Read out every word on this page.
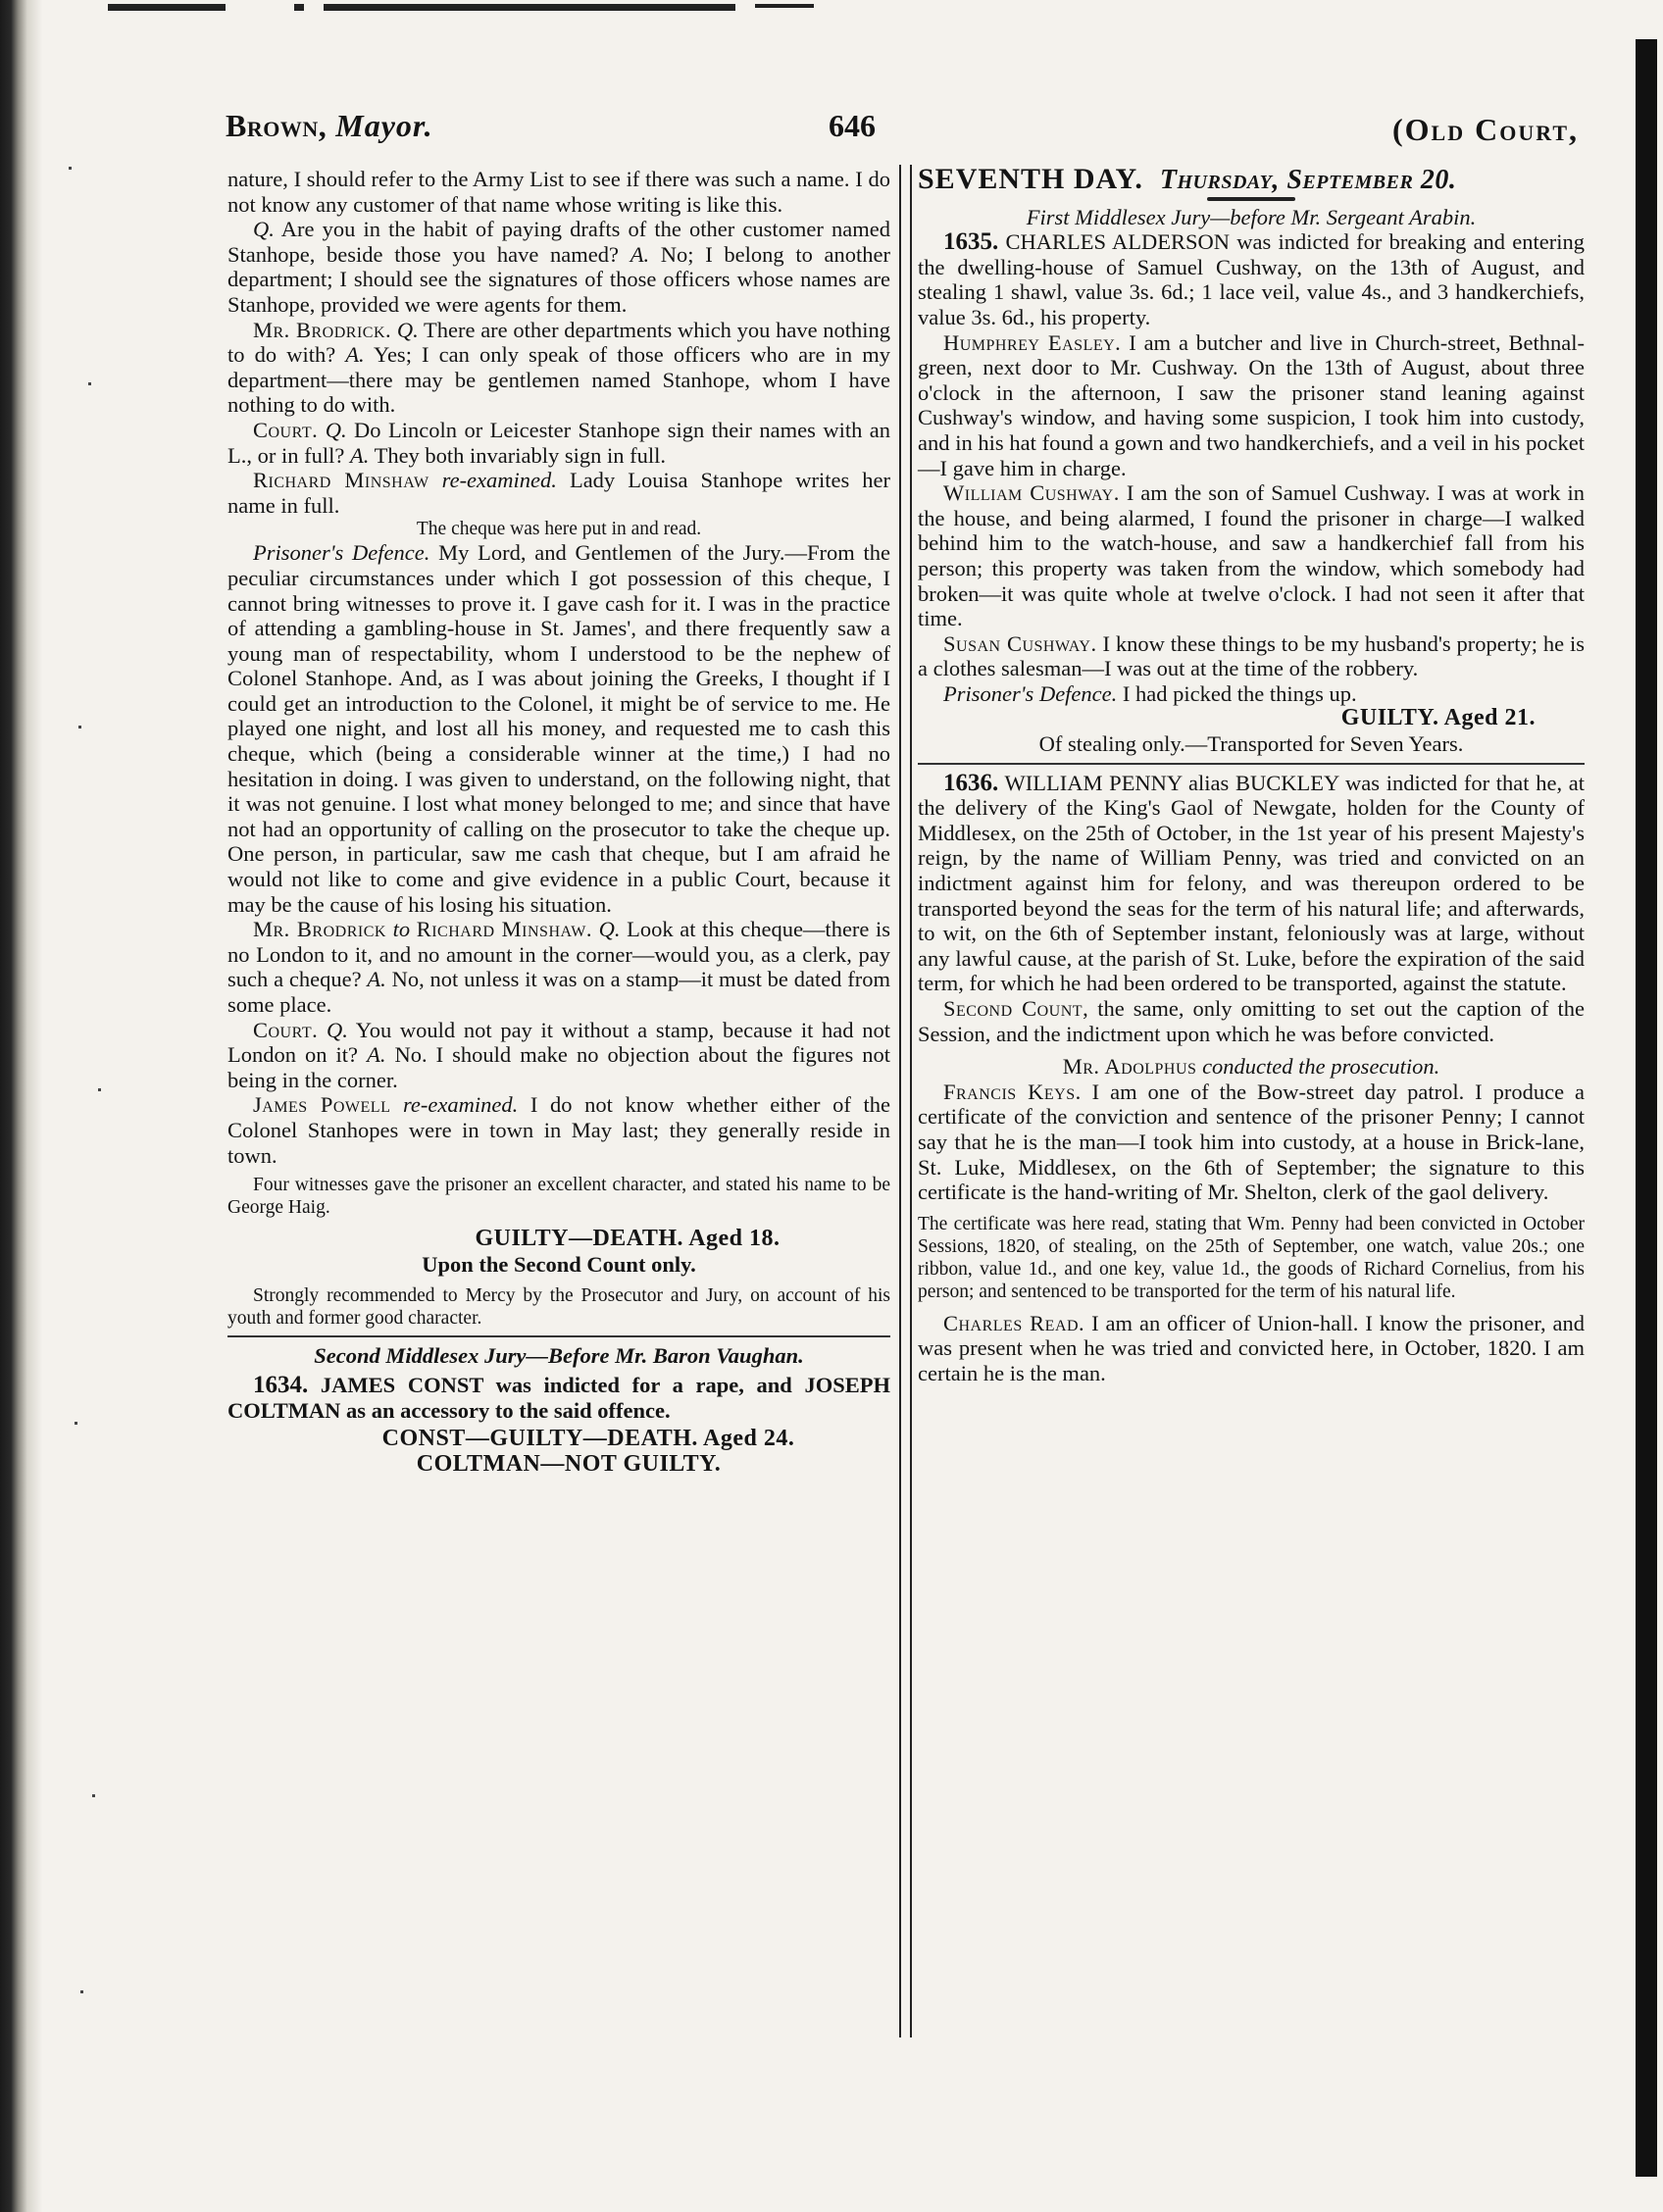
Brown, Mayor.	646	(Old Court,

nature, I should refer to the Army List to see if there was such a name. I do not know any customer of that name whose writing is like this.

Q. Are you in the habit of paying drafts of the other customer named Stanhope, beside those you have named? A. No; I belong to another department; I should see the signatures of those officers whose names are Stanhope, provided we were agents for them.

Mr. Brodrick. Q. There are other departments which you have nothing to do with? A. Yes; I can only speak of those officers who are in my department—there may be gentlemen named Stanhope, whom I have nothing to do with.

Court. Q. Do Lincoln or Leicester Stanhope sign their names with an L., or in full? A. They both invariably sign in full.

Richard Minshaw re-examined. Lady Louisa Stanhope writes her name in full.

The cheque was here put in and read.

Prisoner's Defence. My Lord, and Gentlemen of the Jury.—From the peculiar circumstances under which I got possession of this cheque, I cannot bring witnesses to prove it. I gave cash for it. I was in the practice of attending a gambling-house in St. James', and there frequently saw a young man of respectability, whom I understood to be the nephew of Colonel Stanhope. And, as I was about joining the Greeks, I thought if I could get an introduction to the Colonel, it might be of service to me. He played one night, and lost all his money, and requested me to cash this cheque, which (being a considerable winner at the time,) I had no hesitation in doing. I was given to understand, on the following night, that it was not genuine. I lost what money belonged to me; and since that have not had an opportunity of calling on the prosecutor to take the cheque up. One person, in particular, saw me cash that cheque, but I am afraid he would not like to come and give evidence in a public Court, because it may be the cause of his losing his situation.

Mr. Brodrick to Richard Minshaw. Q. Look at this cheque—there is no London to it, and no amount in the corner—would you, as a clerk, pay such a cheque? A. No, not unless it was on a stamp—it must be dated from some place.

Court. Q. You would not pay it without a stamp, because it had not London on it? A. No. I should make no objection about the figures not being in the corner.

James Powell re-examined. I do not know whether either of the Colonel Stanhopes were in town in May last; they generally reside in town.

Four witnesses gave the prisoner an excellent character, and stated his name to be George Haig.

GUILTY—DEATH. Aged 18.

Upon the Second Count only.

Strongly recommended to Mercy by the Prosecutor and Jury, on account of his youth and former good character.

Second Middlesex Jury—Before Mr. Baron Vaughan.

1634. JAMES CONST was indicted for a rape, and JOSEPH COLTMAN as an accessory to the said offence.

CONST—GUILTY—DEATH. Aged 24.

COLTMAN—NOT GUILTY.

SEVENTH DAY. Thursday, September 20.

First Middlesex Jury—before Mr. Sergeant Arabin.

1635. CHARLES ALDERSON was indicted for breaking and entering the dwelling-house of Samuel Cushway, on the 13th of August, and stealing 1 shawl, value 3s. 6d.; 1 lace veil, value 4s., and 3 handkerchiefs, value 3s. 6d., his property.

Humphrey Easley. I am a butcher and live in Church-street, Bethnal-green, next door to Mr. Cushway. On the 13th of August, about three o'clock in the afternoon, I saw the prisoner stand leaning against Cushway's window, and having some suspicion, I took him into custody, and in his hat found a gown and two handkerchiefs, and a veil in his pocket—I gave him in charge.

William Cushway. I am the son of Samuel Cushway. I was at work in the house, and being alarmed, I found the prisoner in charge—I walked behind him to the watch-house, and saw a handkerchief fall from his person; this property was taken from the window, which somebody had broken—it was quite whole at twelve o'clock. I had not seen it after that time.

Susan Cushway. I know these things to be my husband's property; he is a clothes salesman—I was out at the time of the robbery.

Prisoner's Defence. I had picked the things up.

GUILTY. Aged 21.

Of stealing only.—Transported for Seven Years.

1636. WILLIAM PENNY alias BUCKLEY was indicted for that he, at the delivery of the King's Gaol of Newgate, holden for the County of Middlesex, on the 25th of October, in the 1st year of his present Majesty's reign, by the name of William Penny, was tried and convicted on an indictment against him for felony, and was thereupon ordered to be transported beyond the seas for the term of his natural life; and afterwards, to wit, on the 6th of September instant, feloniously was at large, without any lawful cause, at the parish of St. Luke, before the expiration of the said term, for which he had been ordered to be transported, against the statute.

Second Count, the same, only omitting to set out the caption of the Session, and the indictment upon which he was before convicted.

Mr. Adolphus conducted the prosecution.

Francis Keys. I am one of the Bow-street day patrol. I produce a certificate of the conviction and sentence of the prisoner Penny; I cannot say that he is the man—I took him into custody, at a house in Brick-lane, St. Luke, Middlesex, on the 6th of September; the signature to this certificate is the hand-writing of Mr. Shelton, clerk of the gaol delivery.

The certificate was here read, stating that Wm. Penny had been convicted in October Sessions, 1820, of stealing, on the 25th of September, one watch, value 20s.; one ribbon, value 1d., and one key, value 1d., the goods of Richard Cornelius, from his person; and sentenced to be transported for the term of his natural life.

Charles Read. I am an officer of Union-hall. I know the prisoner, and was present when he was tried and convicted here, in October, 1820. I am certain he is the man.
